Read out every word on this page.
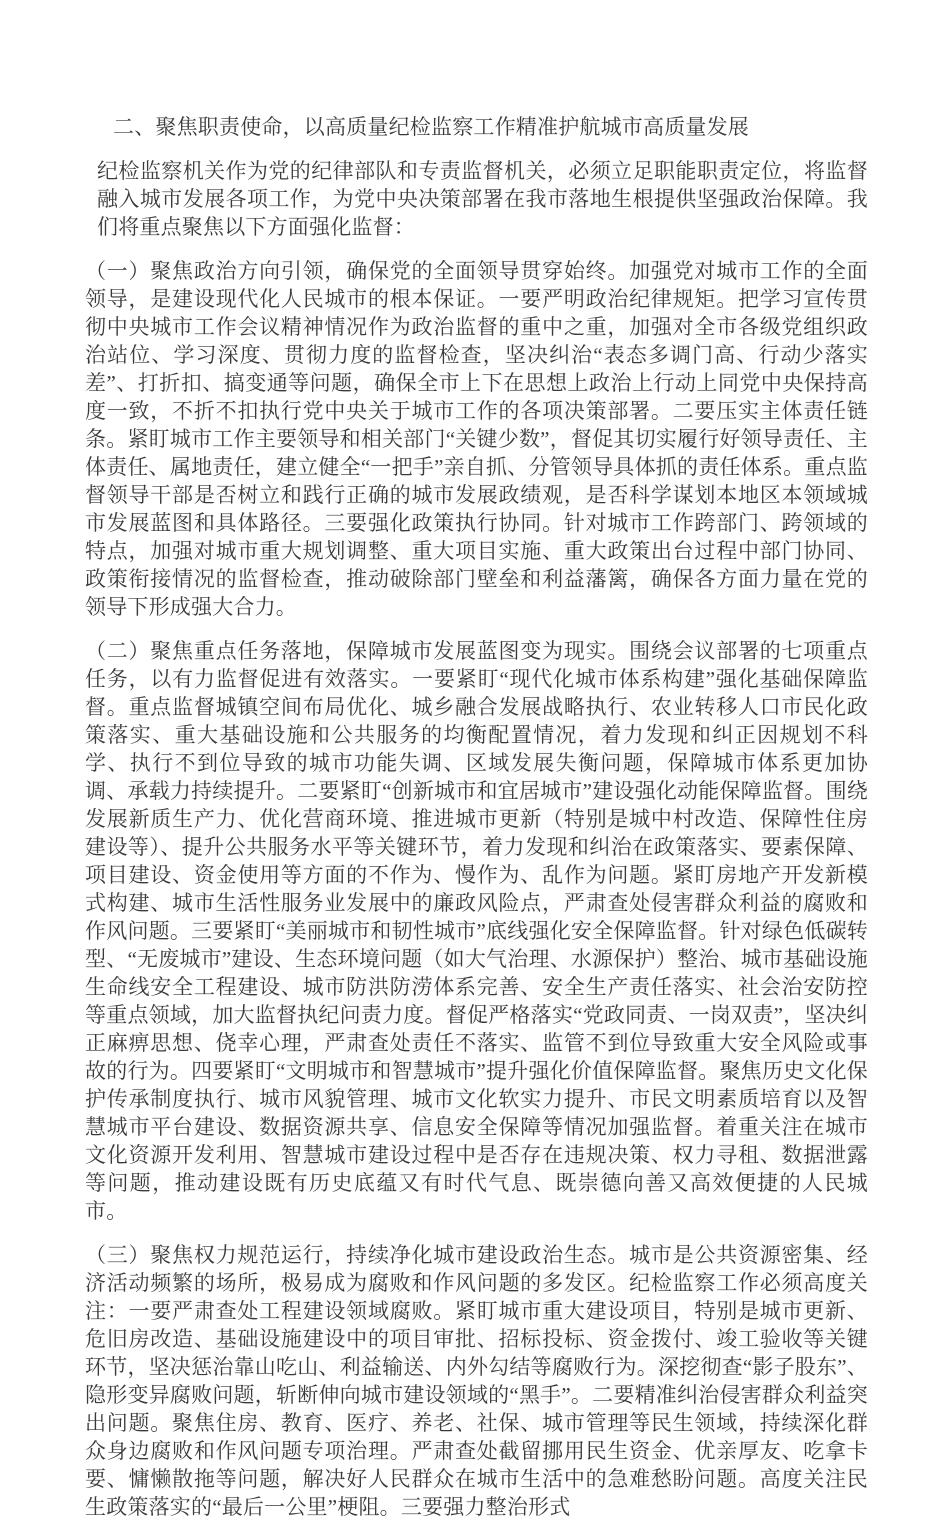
二、聚焦职责使命，以高质量纪检监察工作精准护航城市高质量发展

纪检监察机关作为党的纪律部队和专责监督机关，必须立足职能职责定位，将监督融入城市发展各项工作，为党中央决策部署在我市落地生根提供坚强政治保障。我们将重点聚焦以下方面强化监督：

（一）聚焦政治方向引领，确保党的全面领导贯穿始终。加强党对城市工作的全面领导，是建设现代化人民城市的根本保证。一要严明政治纪律规矩。把学习宣传贯彻中央城市工作会议精神情况作为政治监督的重中之重，加强对全市各级党组织政治站位、学习深度、贯彻力度的监督检查，坚决纠治“表态多调门高、行动少落实差”、打折扣、搞变通等问题，确保全市上下在思想上政治上行动上同党中央保持高度一致，不折不扣执行党中央关于城市工作的各项决策部署。二要压实主体责任链条。紧盯城市工作主要领导和相关部门“关键少数”，督促其切实履行好领导责任、主体责任、属地责任，建立健全“一把手”亲自抓、分管领导具体抓的责任体系。重点监督领导干部是否树立和践行正确的城市发展政绩观，是否科学谋划本地区本领域城市发展蓝图和具体路径。三要强化政策执行协同。针对城市工作跨部门、跨领域的特点，加强对城市重大规划调整、重大项目实施、重大政策出台过程中部门协同、政策衔接情况的监督检查，推动破除部门壁垒和利益藩篱，确保各方面力量在党的领导下形成强大合力。

（二）聚焦重点任务落地，保障城市发展蓝图变为现实。围绕会议部署的七项重点任务，以有力监督促进有效落实。一要紧盯“现代化城市体系构建”强化基础保障监督。重点监督城镇空间布局优化、城乡融合发展战略执行、农业转移人口市民化政策落实、重大基础设施和公共服务的均衡配置情况，着力发现和纠正因规划不科学、执行不到位导致的城市功能失调、区域发展失衡问题，保障城市体系更加协调、承载力持续提升。二要紧盯“创新城市和宜居城市”建设强化动能保障监督。围绕发展新质生产力、优化营商环境、推进城市更新（特别是城中村改造、保障性住房建设等）、提升公共服务水平等关键环节，着力发现和纠治在政策落实、要素保障、项目建设、资金使用等方面的不作为、慢作为、乱作为问题。紧盯房地产开发新模式构建、城市生活性服务业发展中的廉政风险点，严肃查处侵害群众利益的腐败和作风问题。三要紧盯“美丽城市和韧性城市”底线强化安全保障监督。针对绿色低碳转型、“无废城市”建设、生态环境问题（如大气治理、水源保护）整治、城市基础设施生命线安全工程建设、城市防洪防涝体系完善、安全生产责任落实、社会治安防控等重点领域，加大监督执纪问责力度。督促严格落实“党政同责、一岗双责”，坚决纠正麻痹思想、侥幸心理，严肃查处责任不落实、监管不到位导致重大安全风险或事故的行为。四要紧盯“文明城市和智慧城市”提升强化价值保障监督。聚焦历史文化保护传承制度执行、城市风貌管理、城市文化软实力提升、市民文明素质培育以及智慧城市平台建设、数据资源共享、信息安全保障等情况加强监督。着重关注在城市文化资源开发利用、智慧城市建设过程中是否存在违规决策、权力寻租、数据泄露等问题，推动建设既有历史底蕴又有时代气息、既崇德向善又高效便捷的人民城市。

（三）聚焦权力规范运行，持续净化城市建设政治生态。城市是公共资源密集、经济活动频繁的场所，极易成为腐败和作风问题的多发区。纪检监察工作必须高度关注：一要严肃查处工程建设领域腐败。紧盯城市重大建设项目，特别是城市更新、危旧房改造、基础设施建设中的项目审批、招标投标、资金拨付、竣工验收等关键环节，坚决惩治靠山吃山、利益输送、内外勾结等腐败行为。深挖彻查“影子股东”、隐形变异腐败问题，斩断伸向城市建设领域的“黑手”。二要精准纠治侵害群众利益突出问题。聚焦住房、教育、医疗、养老、社保、城市管理等民生领域，持续深化群众身边腐败和作风问题专项治理。严肃查处截留挪用民生资金、优亲厚友、吃拿卡要、慵懒散拖等问题，解决好人民群众在城市生活中的急难愁盼问题。高度关注民生政策落实的“最后一公里”梗阻。三要强力整治形式
